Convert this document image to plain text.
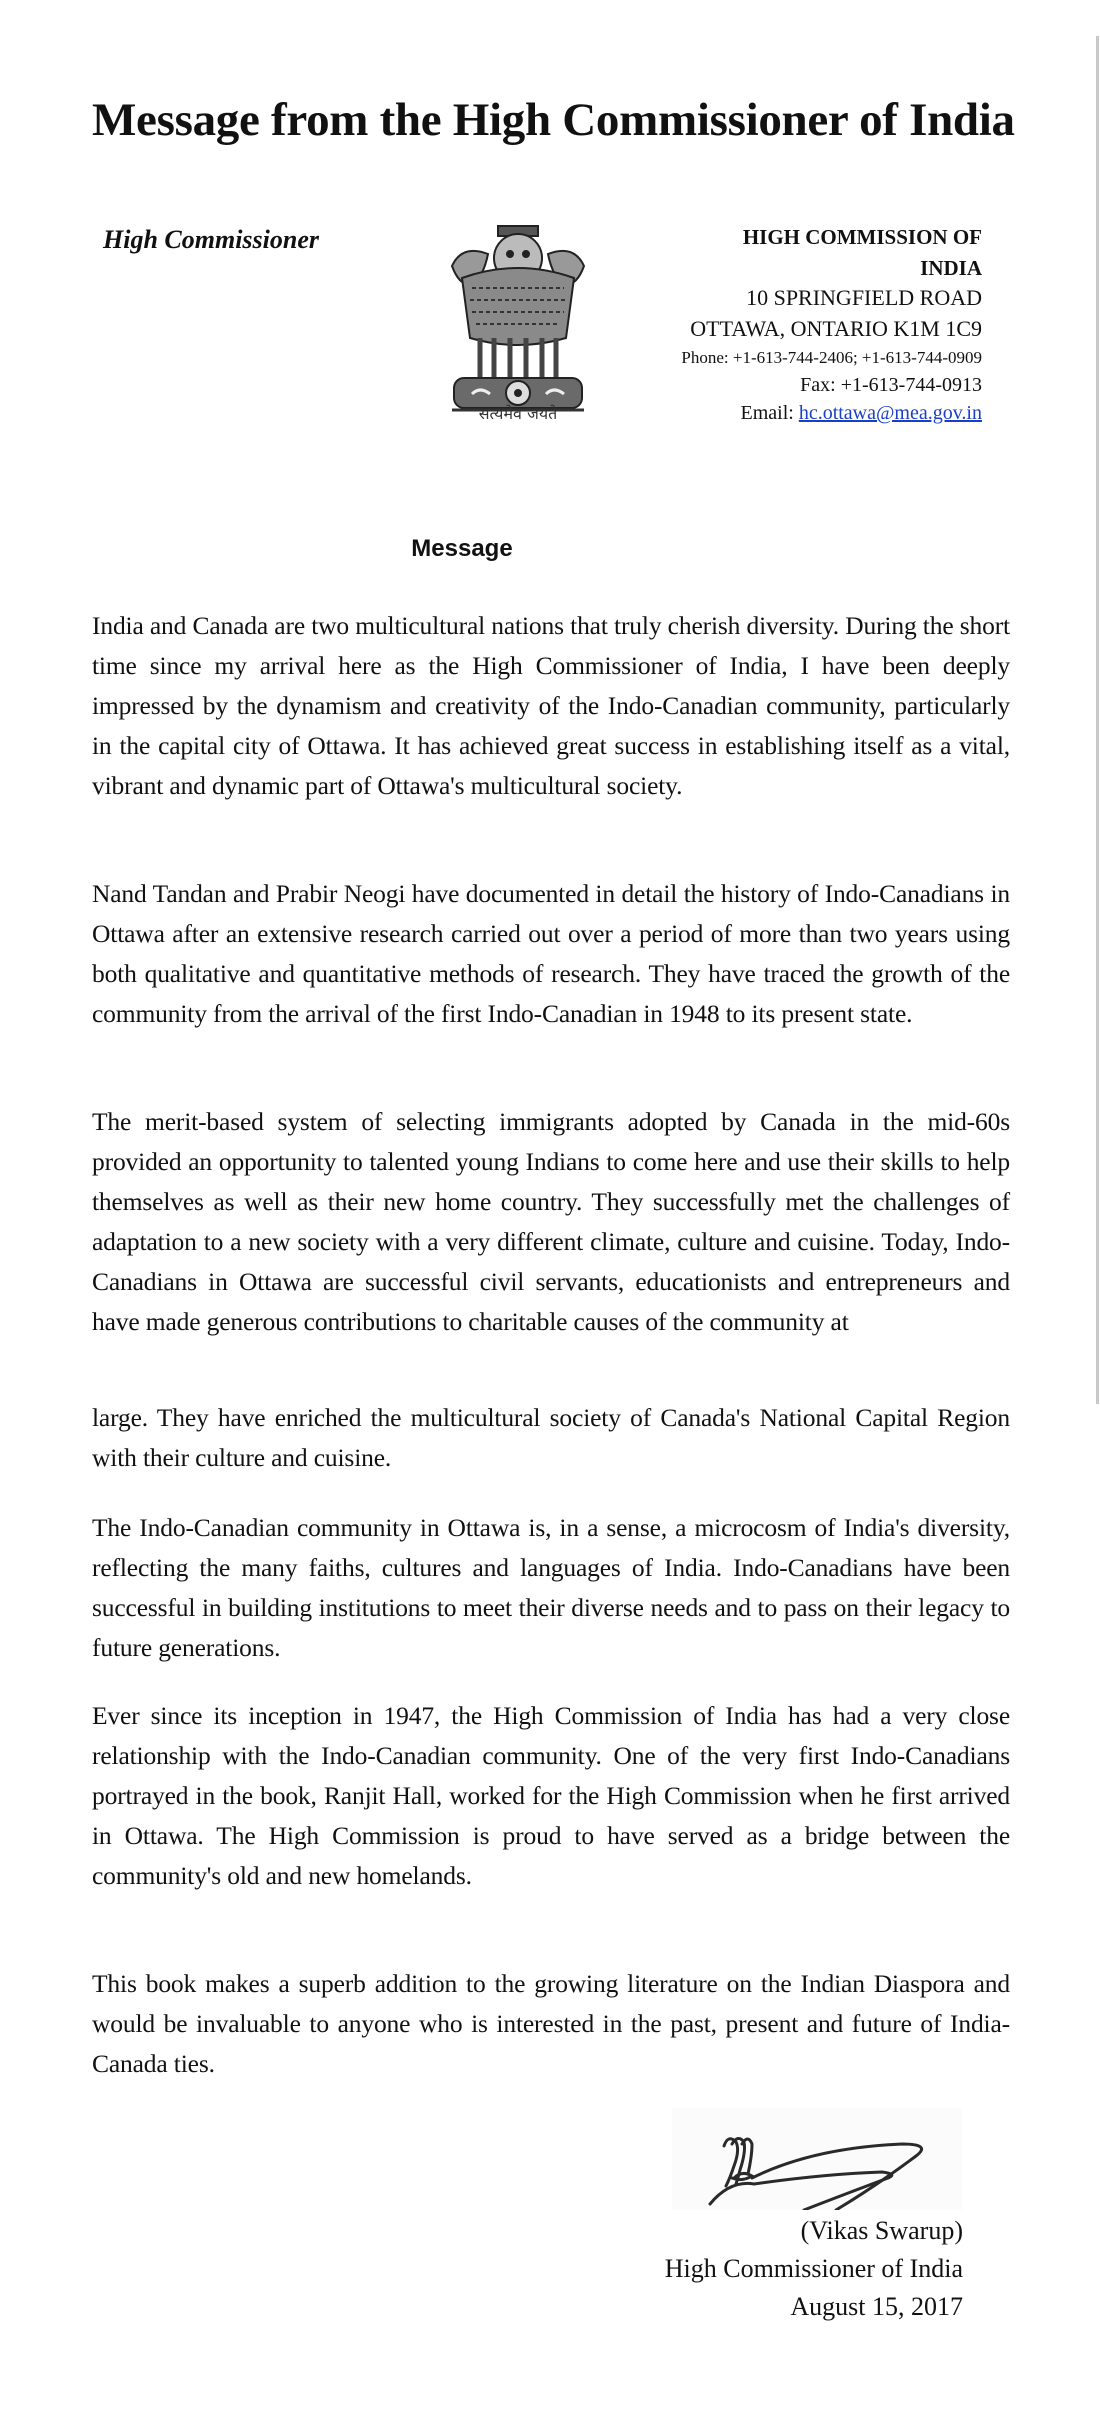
Message from the High Commissioner of India
High Commissioner
सत्यमेव जयते
HIGH COMMISSION OF
INDIA
10 SPRINGFIELD ROAD
OTTAWA, ONTARIO K1M 1C9
Phone: +1-613-744-2406; +1-613-744-0909
Fax: +1-613-744-0913
Email: hc.ottawa@mea.gov.in
Message

India and Canada are two multicultural nations that truly cherish diversity. During the short time since my arrival here as the High Commissioner of India, I have been deeply impressed by the dynamism and creativity of the Indo-Canadian community, particularly in the capital city of Ottawa. It has achieved great success in establishing itself as a vital, vibrant and dynamic part of Ottawa's multicultural society.

Nand Tandan and Prabir Neogi have documented in detail the history of Indo-Canadians in Ottawa after an extensive research carried out over a period of more than two years using both qualitative and quantitative methods of research. They have traced the growth of the community from the arrival of the first Indo-Canadian in 1948 to its present state.

The merit-based system of selecting immigrants adopted by Canada in the mid-60s provided an opportunity to talented young Indians to come here and use their skills to help themselves as well as their new home country. They successfully met the challenges of adaptation to a new society with a very different climate, culture and cuisine. Today, Indo-Canadians in Ottawa are successful civil servants, educationists and entrepreneurs and have made generous contributions to charitable causes of the community at

large. They have enriched the multicultural society of Canada's National Capital Region with their culture and cuisine.

The Indo-Canadian community in Ottawa is, in a sense, a microcosm of India's diversity, reflecting the many faiths, cultures and languages of India. Indo-Canadians have been successful in building institutions to meet their diverse needs and to pass on their legacy to future generations.

Ever since its inception in 1947, the High Commission of India has had a very close relationship with the Indo-Canadian community. One of the very first Indo-Canadians portrayed in the book, Ranjit Hall, worked for the High Commission when he first arrived in Ottawa. The High Commission is proud to have served as a bridge between the community's old and new homelands.

This book makes a superb addition to the growing literature on the Indian Diaspora and would be invaluable to anyone who is interested in the past, present and future of India-Canada ties.

(Vikas Swarup)
High Commissioner of India
August 15, 2017
